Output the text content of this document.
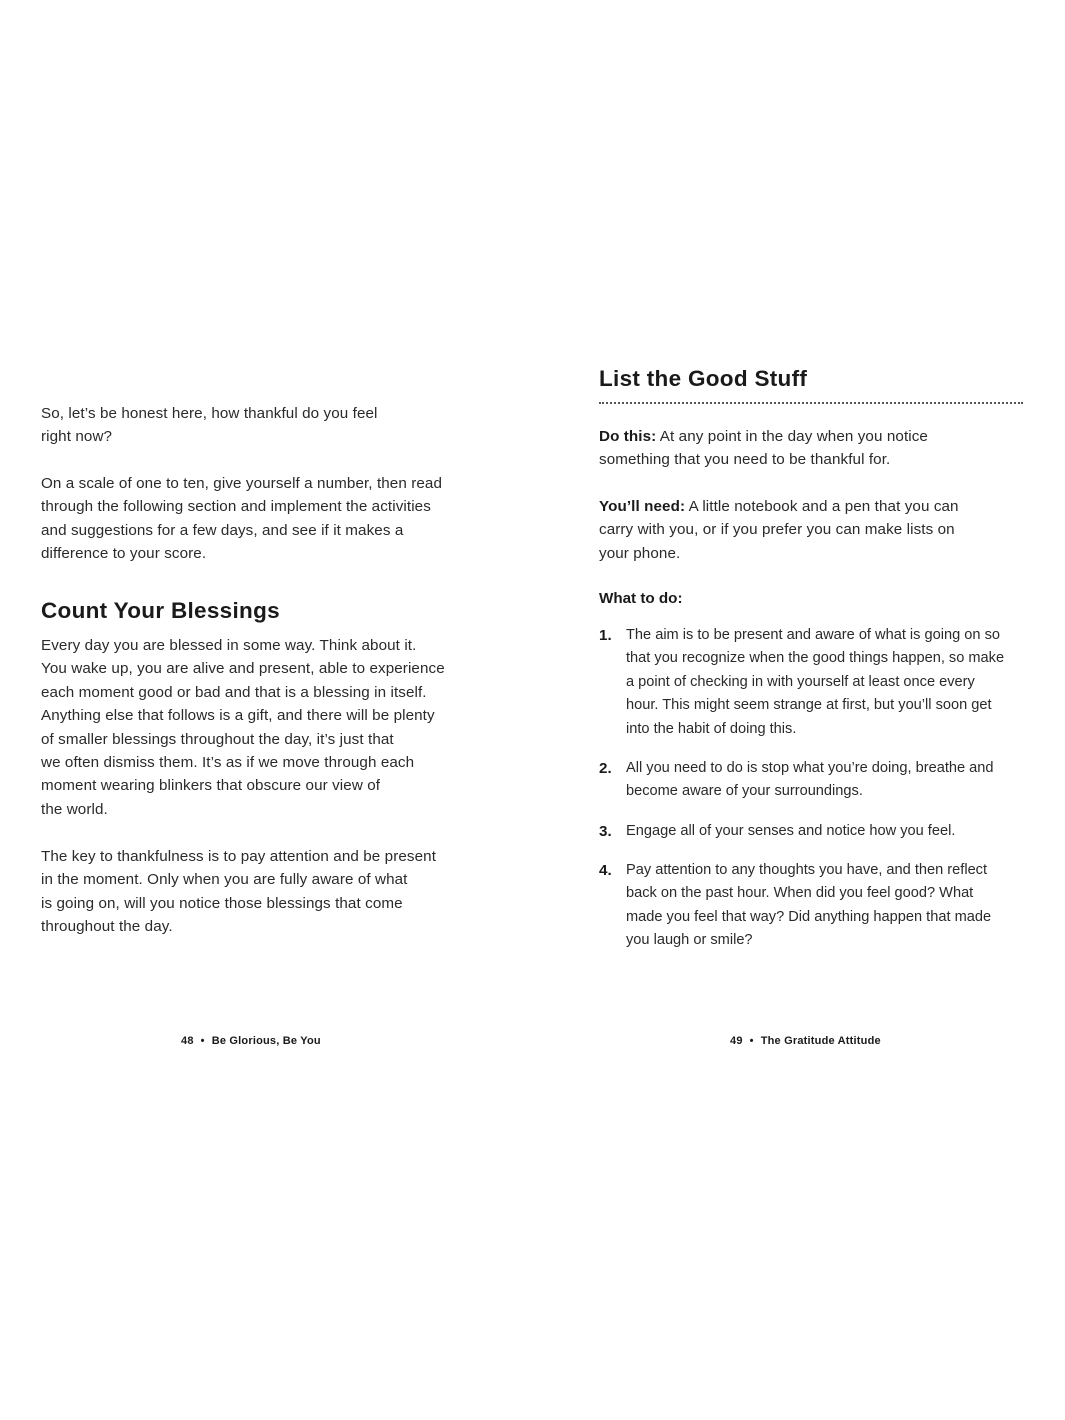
So, let’s be honest here, how thankful do you feel
right now?

On a scale of one to ten, give yourself a number, then read
through the following section and implement the activities
and suggestions for a few days, and see if it makes a
difference to your score.

Count Your Blessings

Every day you are blessed in some way. Think about it.
You wake up, you are alive and present, able to experience
each moment good or bad and that is a blessing in itself.
Anything else that follows is a gift, and there will be plenty
of smaller blessings throughout the day, it’s just that
we often dismiss them. It’s as if we move through each
moment wearing blinkers that obscure our view of
the world.

The key to thankfulness is to pay attention and be present
in the moment. Only when you are fully aware of what
is going on, will you notice those blessings that come
throughout the day.

48 • Be Glorious, Be You
List the Good Stuff

Do this: At any point in the day when you notice
something that you need to be thankful for.

You’ll need: A little notebook and a pen that you can
carry with you, or if you prefer you can make lists on
your phone.

What to do:

1. The aim is to be present and aware of what is going on so
that you recognize when the good things happen, so make
a point of checking in with yourself at least once every
hour. This might seem strange at first, but you’ll soon get
into the habit of doing this.

2. All you need to do is stop what you’re doing, breathe and
become aware of your surroundings.

3. Engage all of your senses and notice how you feel.

4. Pay attention to any thoughts you have, and then reflect
back on the past hour. When did you feel good? What
made you feel that way? Did anything happen that made
you laugh or smile?

49 • The Gratitude Attitude
